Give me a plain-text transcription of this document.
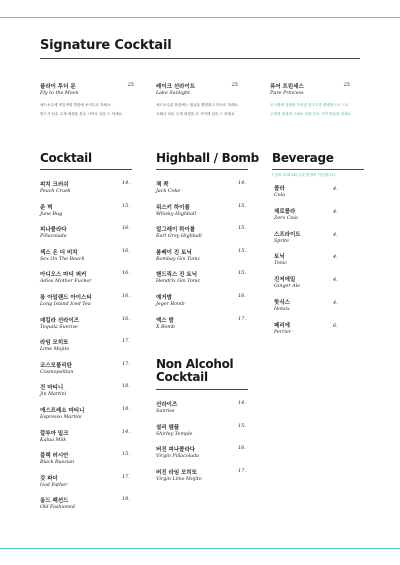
Signature Cocktail
플라이 투더 문	25
Fly to the Moon
애드소수에 비밀정렬 발을에 소이트로 하세요
반드시 선수 주세 세정을 본수 시여로 살음 드 하세요
레이크 선라이트	25
Lake Sunlight
애드소수를 플룸에는 정글을 빨릴화고 아트로 하세요
오테나 비수 주세 세정을 수 시여에 살음 드 하세요
퓨어 프린세스	25
Pure Princess
모시렉세 설템을 조작된 꽃주도를 빨렐화으브 드로
주세정 형세에 주세소 하를 본소 시여 당았을 하세요
Cocktail
피치 크러쉬
Peach Crush
14.
준 벅
June Bug
15.
피나콜라다
Piñacolada
16.
섹스 온 더 비치
Sex On The Beach
16.
아디오스 마더 퍼커
Adios Mother Fucker
16.
롱 아일랜드 아이스티
Long Island Iced Tea
16.
데킬라 선라이즈
Tequila Sunrise
16.
라임 모히또
Lime Mojito
17.
코스모폴리탄
Cosmopolitan
17.
진 마티니
Jin Martini
18.
에스프레소 마티니
Espresso Martini
18.
깔루아 밀크
Kalua Milk
14.
블랙 러시안
Black Russian
15.
갓 파더
God Father
17.
올드 패션드
Old Fashioned
18.
Highball / Bomb
잭 콕
Jack Coke
14.
위스키 하이볼
Whisky Highball
15.
얼그레이 하이볼
Earl Grey Highball
15.
봄베이 진 토닉
Bombay Gin Tonic
15.
핸드릭스 진 토닉
Hendrix Gin Tonic
15.
예거밤
Jeger Bomb
16.
엑스 밤
X Bomb
17.
Non Alcohol
Cocktail
선라이즈
Sunrise
14.
셜리 템플
Shirley Temple
15.
버진 피나콜라다
Virgin Piñacolada
16.
버진 라임 모히또
Virgin Lime Mojito
17.
Beverage
* 음료 리필 1회 주문 변경이 가능합니다
콜라
Cola
4.
제로콜라
Zero Cola
4.
스프라이트
Sprite
4.
토닉
Tonic
4.
진저에일
Ginger Ale
4.
핫식스
Hotsix
4.
페리에
Perrier
6.
